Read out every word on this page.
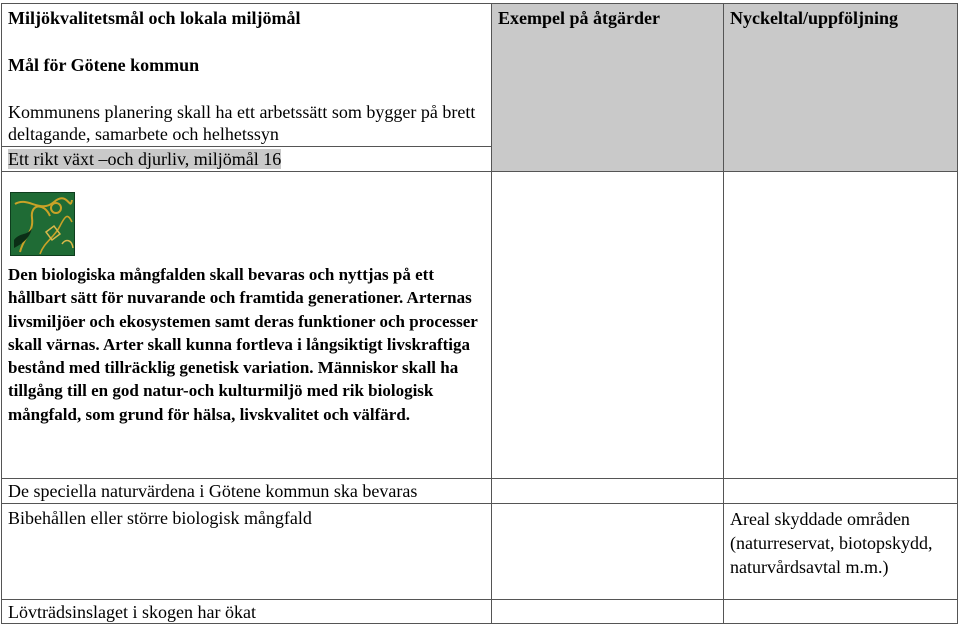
Miljökvalitetsmål och lokala miljömål
Mål för Götene kommun
Kommunens planering skall ha ett arbetssätt som bygger på brett deltagande, samarbete och helhetssyn	Exempel på åtgärder	Nyckeltal/uppföljning

Ett rikt växt –och djurliv, miljömål 16		

Den biologiska mångfalden skall bevaras och nyttjas på ett hållbart sätt för nuvarande och framtida generationer. Arternas livsmiljöer och ekosystemen samt deras funktioner och processer skall värnas. Arter skall kunna fortleva i långsiktigt livskraftiga bestånd med tillräcklig genetisk variation. Människor skall ha tillgång till en god natur-och kulturmiljö med rik biologisk mångfald, som grund för hälsa, livskvalitet och välfärd.		

De speciella naturvärdena i Götene kommun ska bevaras		

Bibehållen eller större biologisk mångfald		Areal skyddade områden (naturreservat, biotopskydd, naturvårdsavtal m.m.)

Lövträdsinslaget i skogen har ökat		
